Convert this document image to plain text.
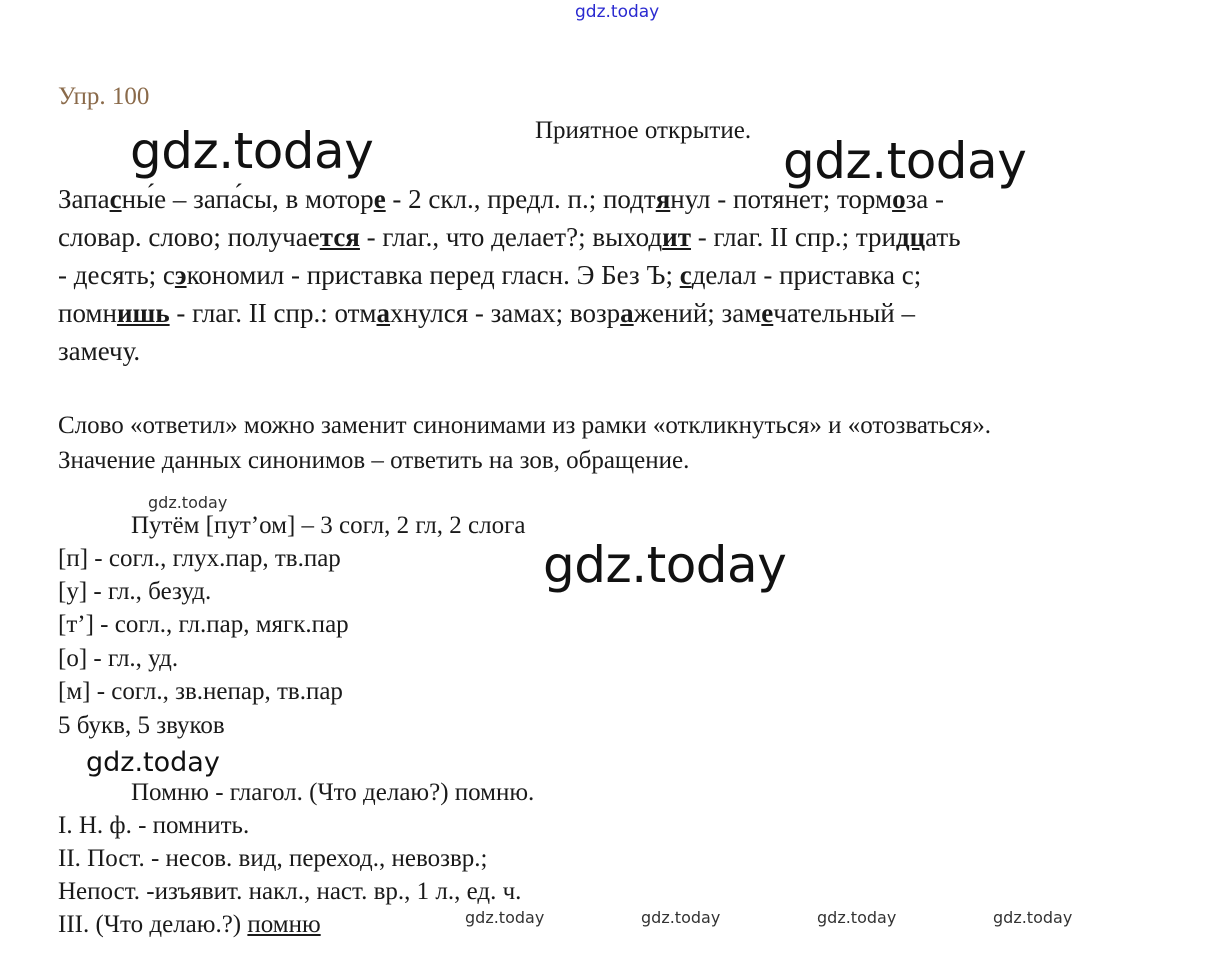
gdz.today
Упр. 100
Приятное открытие.
gdz.today	gdz.today
gdz.today
Запасны́е – запа́сы, в моторе - 2 скл., предл. п.; подтянул - потянет; тормоза -
словар. слово; получается - глаг., что делает?; выходит - глаг. II спр.; тридцать
- десять; сэкономил - приставка перед гласн. Э Без Ъ; сделал - приставка с;
помнишь - глаг. II спр.: отмахнулся - замах; возражений; замечательный –
замечу.
Слово «ответил» можно заменит синонимами из рамки «откликнуться» и «отозваться».
Значение данных синонимов – ответить на зов, обращение.
gdz.today
Путём [пут’ом] – 3 согл, 2 гл, 2 слога
[п] - согл., глух.пар, тв.пар
[у] - гл., безуд.
[т’] - согл., гл.пар, мягк.пар
[о] - гл., уд.
[м] - согл., зв.непар, тв.пар
5 букв, 5 звуков
gdz.today
Помню - глагол. (Что делаю?) помню.
I. Н. ф. - помнить.
II. Пост. - несов. вид, переход., невозвр.;
Непост. -изъявит. накл., наст. вр., 1 л., ед. ч.
III. (Что делаю.?) помню	gdz.today	gdz.today	gdz.today	gdz.today
